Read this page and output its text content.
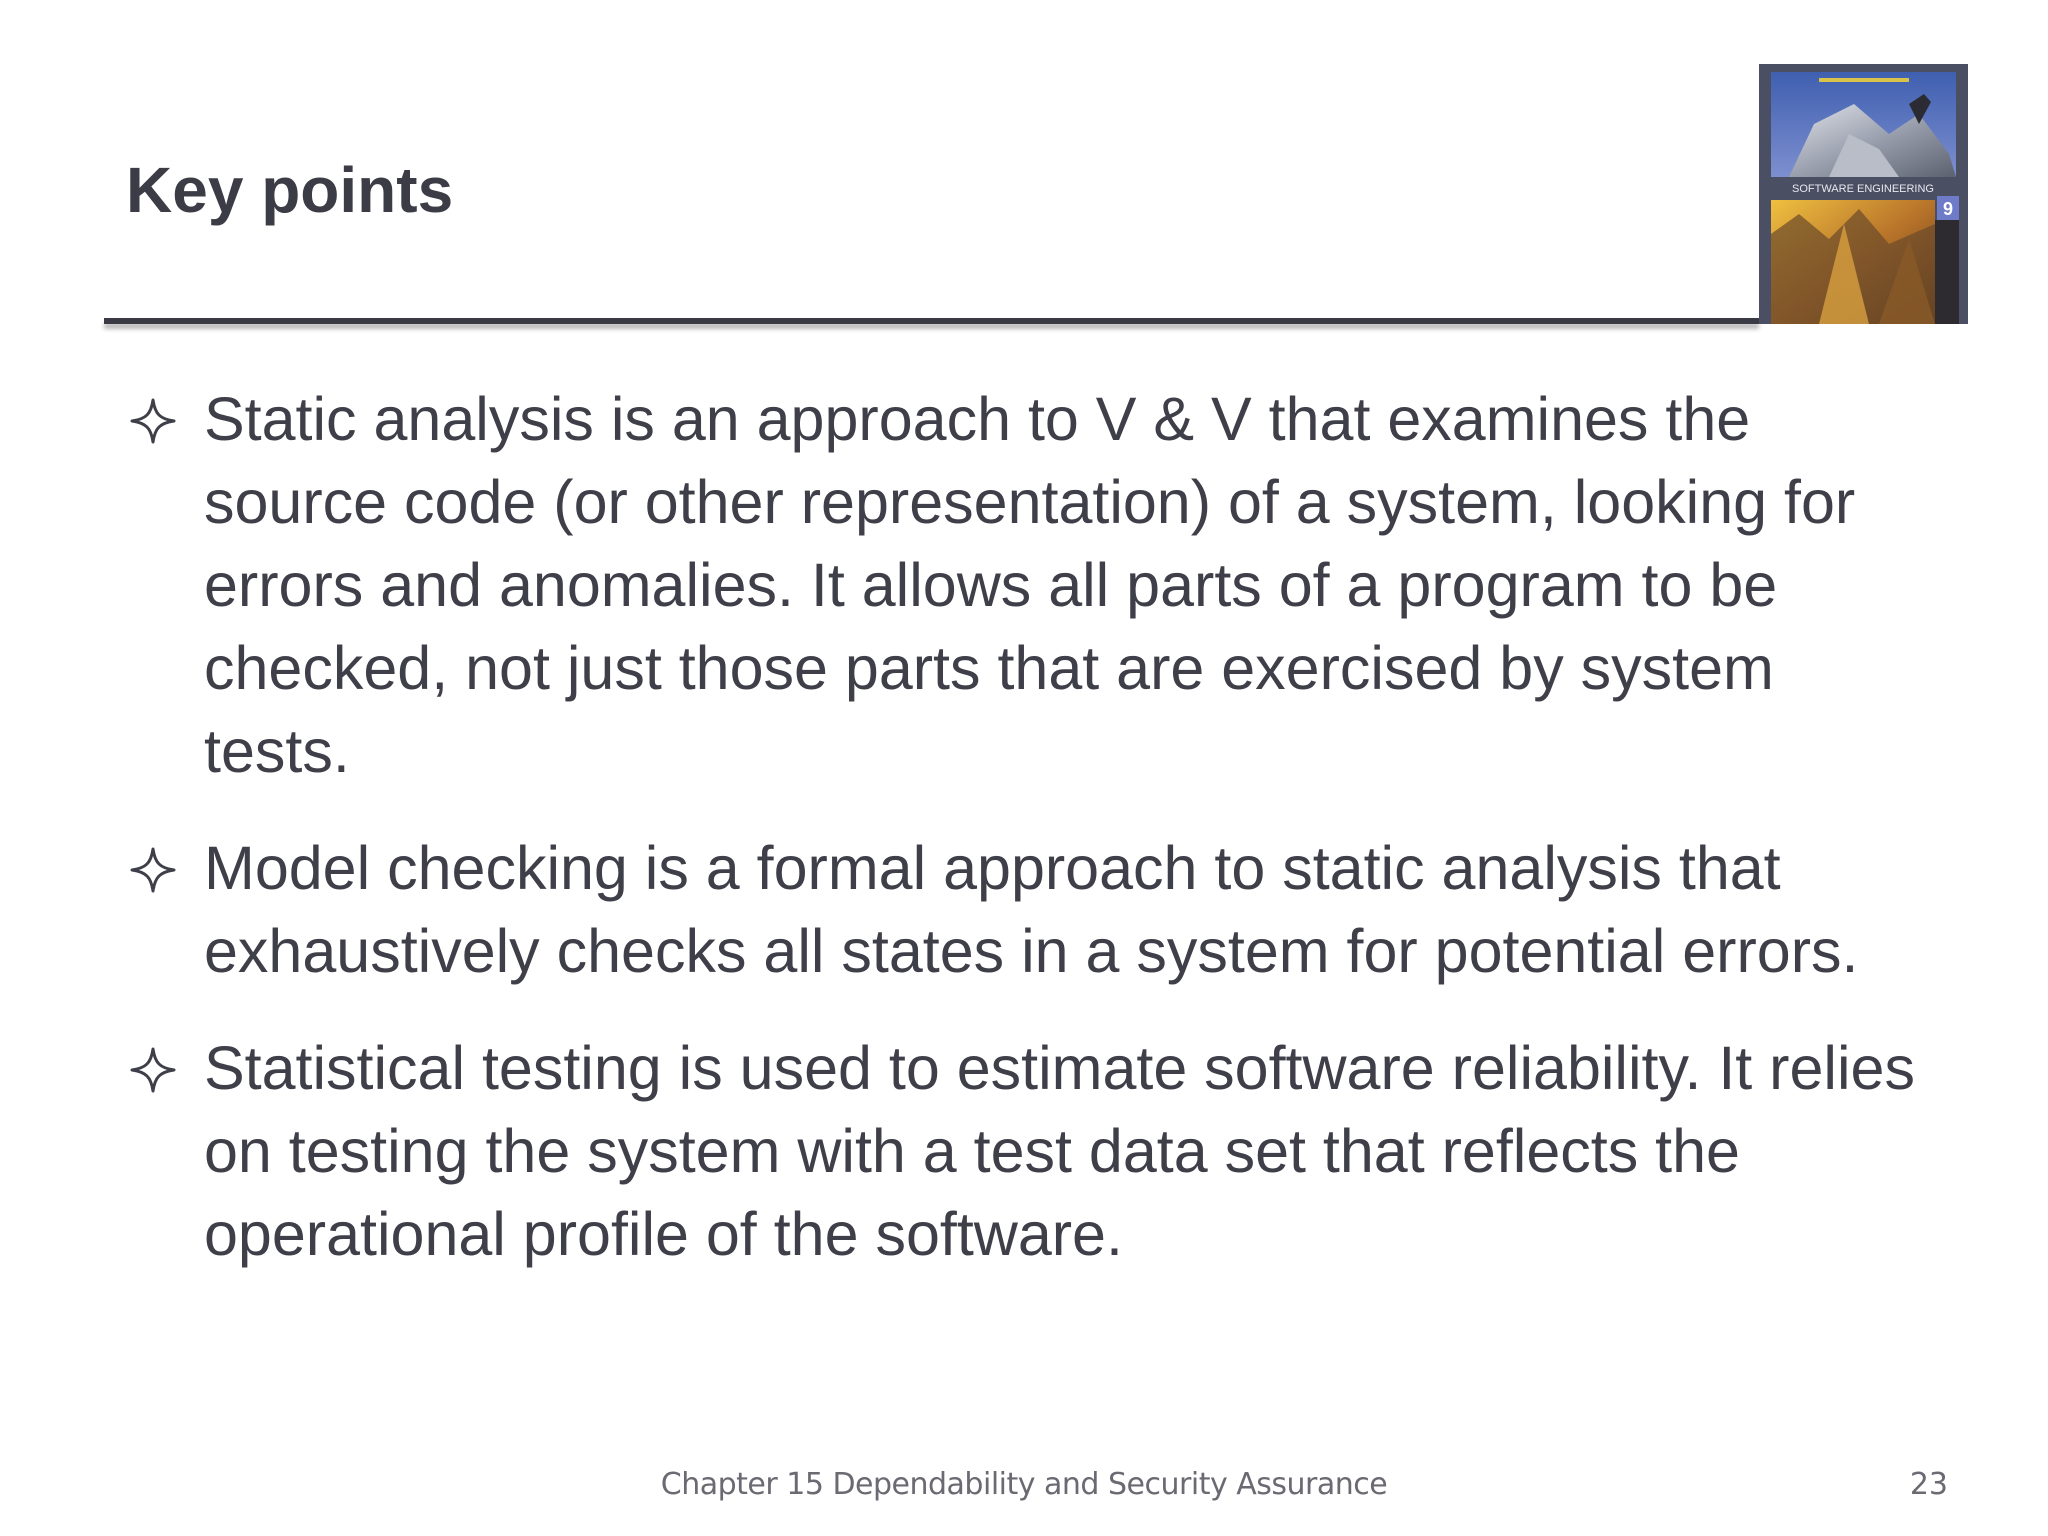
Key points	SOFTWARE ENGINEERING
9
Static analysis is an approach to V & V that examines the source code (or other representation) of a system, looking for errors and anomalies. It allows all parts of a program to be checked, not just those parts that are exercised by system tests.
Model checking is a formal approach to static analysis that exhaustively checks all states in a system for potential errors.
Statistical testing is used to estimate software reliability. It relies on testing the system with a test data set that reflects the operational profile of the software.
Chapter 15 Dependability and Security Assurance	23
